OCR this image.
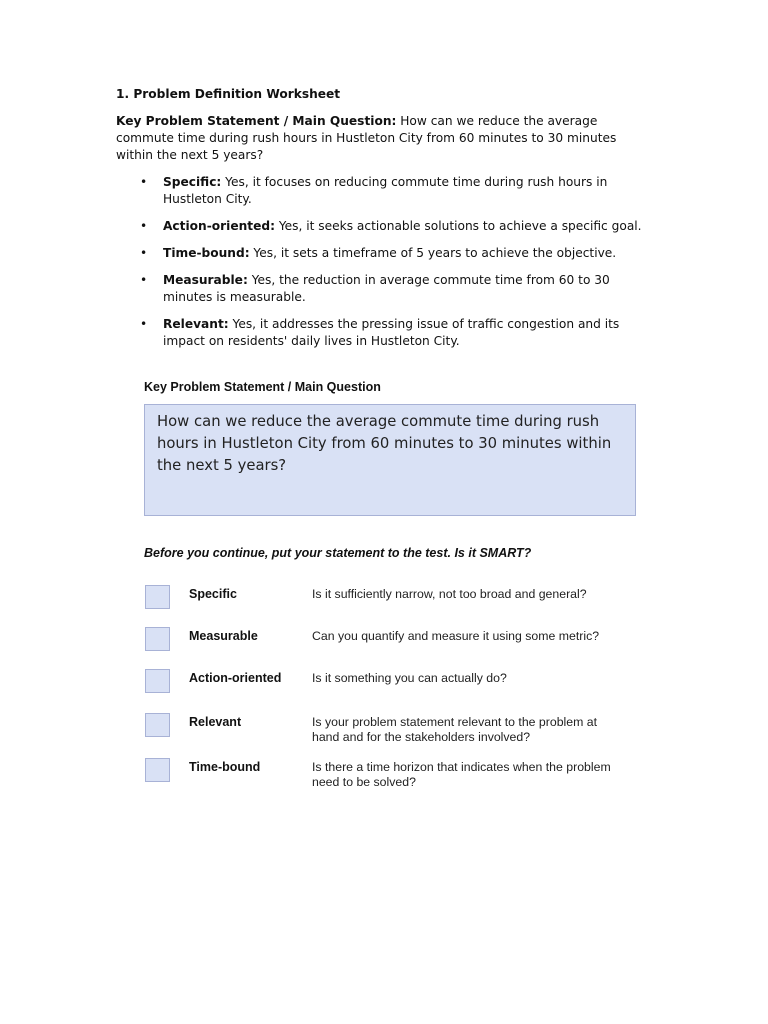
1. Problem Definition Worksheet

Key Problem Statement / Main Question: How can we reduce the average commute time during rush hours in Hustleton City from 60 minutes to 30 minutes within the next 5 years?

• Specific: Yes, it focuses on reducing commute time during rush hours in Hustleton City.
• Action-oriented: Yes, it seeks actionable solutions to achieve a specific goal.
• Time-bound: Yes, it sets a timeframe of 5 years to achieve the objective.
• Measurable: Yes, the reduction in average commute time from 60 to 30 minutes is measurable.
• Relevant: Yes, it addresses the pressing issue of traffic congestion and its impact on residents' daily lives in Hustleton City.
Key Problem Statement / Main Question
How can we reduce the average commute time during rush hours in Hustleton City from 60 minutes to 30 minutes within the next 5 years?
Before you continue, put your statement to the test. Is it SMART?
Specific	Is it sufficiently narrow, not too broad and general?
Measurable	Can you quantify and measure it using some metric?
Action-oriented Is it something you can actually do?
Relevant	Is your problem statement relevant to the problem at hand and for the stakeholders involved?
Time-bound	Is there a time horizon that indicates when the problem need to be solved?
